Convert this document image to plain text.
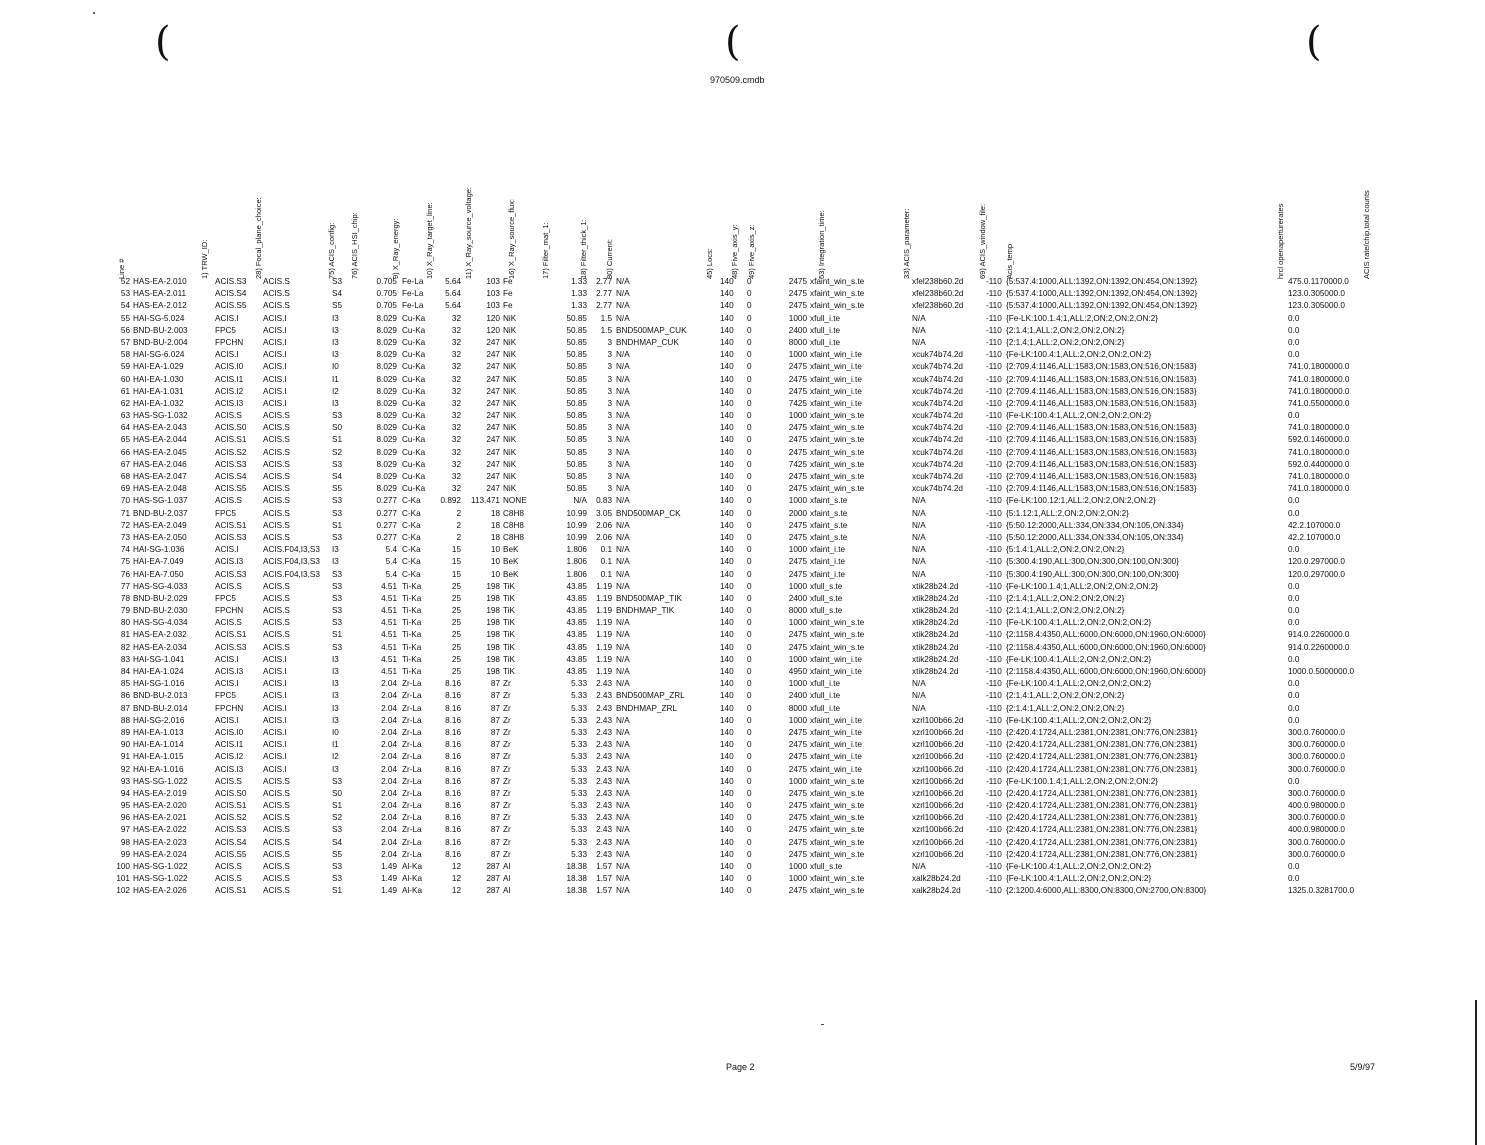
(	(	(
970509.cmdb
Line #	1) TRW_ID:	28) Focal_plane_choice:	75) ACIS_config: 76) ACIS_HSI_chip:	9) X_Ray_energy:	10) X_Ray_target_line:	11) X_Ray_source_voltage:	16) X_Ray_source_flux:	17) Filter_mat_1:	18) Filter_thick_1: 80) Current:	45) Locs: 48) Five_axis_y: 49) Five_axis_z:	53) Integration_time:	33) ACIS_parameter:	69) ACIS_window_file: Acis_temp	hrcl openaperturerates	ACIS rate/chip,total counts
52 HAS-EA-2.010	ACIS.S3 ACIS.S	S3	0.705 Fe-La	5.64	103 Fe	1.33	2.77 N/A	140 0	2475 xfaint_win_s.te	xfel238b60.2d	-110 {5:537.4:1000,ALL:1392,ON:1392,ON:454,ON:1392}	475.0.1170000.0
53 HAS-EA-2.011	ACIS.S4 ACIS.S	S4	0.705 Fe-La	5.64	103 Fe	1.33	2.77 N/A	140 0	2475 xfaint_win_s.te	xfel238b60.2d	-110 {5:537.4:1000,ALL:1392,ON:1392,ON:454,ON:1392}	123.0.305000.0
54 HAS-EA-2.012	ACIS.S5 ACIS.S	S5	0.705 Fe-La	5.64	103 Fe	1.33	2.77 N/A	140 0	2475 xfaint_win_s.te	xfel238b60.2d	-110 {5:537.4:1000,ALL:1392,ON:1392,ON:454,ON:1392}	123.0.305000.0
55 HAI-SG-5.024	ACIS.I	ACIS.I	I3	8.029 Cu-Ka	32	120 NiK	50.85	1.5 N/A	140 0	1000 xfull_i.te	N/A	-110 {Fe-LK:100.1.4;1,ALL:2,ON:2,ON:2,ON:2}	0.0
56 BND-BU-2.003	FPC5	ACIS.I	I3	8.029 Cu-Ka	32	120 NiK	50.85	1.5 BND500MAP_CUK	140 0	2400 xfull_i.te	N/A	-110 {2:1.4;1,ALL:2,ON:2,ON:2,ON:2}	0.0
57 BND-BU-2.004	FPCHN ACIS.I	I3	8.029 Cu-Ka	32	247 NiK	50.85	3 BNDHMAP_CUK	140 0	8000 xfull_i.te	N/A	-110 {2:1.4;1,ALL:2,ON:2,ON:2,ON:2}	0.0
58 HAI-SG-6.024	ACIS.I	ACIS.I	I3	8.029 Cu-Ka	32	247 NiK	50.85	3 N/A	140 0	1000 xfaint_win_i.te	xcuk74b74.2d	-110 {Fe-LK:100.4:1,ALL:2,ON:2,ON:2,ON:2}	0.0
59 HAI-EA-1.029	ACIS.I0 ACIS.I	I0	8.029 Cu-Ka	32	247 NiK	50.85	3 N/A	140 0	2475 xfaint_win_i.te	xcuk74b74.2d	-110 {2:709.4:1146,ALL:1583,ON:1583,ON:516,ON:1583}	741.0.1800000.0
60 HAI-EA-1.030	ACIS.I1 ACIS.I	I1	8.029 Cu-Ka	32	247 NiK	50.85	3 N/A	140 0	2475 xfaint_win_i.te	xcuk74b74.2d	-110 {2:709.4:1146,ALL:1583,ON:1583,ON:516,ON:1583}	741.0.1800000.0
61 HAI-EA-1.031	ACIS.I2 ACIS.I	I2	8.029 Cu-Ka	32	247 NiK	50.85	3 N/A	140 0	2475 xfaint_win_i.te	xcuk74b74.2d	-110 {2:709.4:1146,ALL:1583,ON:1583,ON:516,ON:1583}	741.0.1800000.0
62 HAI-EA-1.032	ACIS.I3 ACIS.I	I3	8.029 Cu-Ka	32	247 NiK	50.85	3 N/A	140 0	7425 xfaint_win_i.te	xcuk74b74.2d	-110 {2:709.4:1146,ALL:1583,ON:1583,ON:516,ON:1583}	741.0.5500000.0
63 HAS-SG-1.032	ACIS.S	ACIS.S	S3	8.029 Cu-Ka	32	247 NiK	50.85	3 N/A	140 0	1000 xfaint_win_s.te	xcuk74b74.2d	-110 {Fe-LK:100.4:1,ALL:2,ON:2,ON:2,ON:2}	0.0
64 HAS-EA-2.043	ACIS.S0 ACIS.S	S0	8.029 Cu-Ka	32	247 NiK	50.85	3 N/A	140 0	2475 xfaint_win_s.te	xcuk74b74.2d	-110 {2:709.4:1146,ALL:1583,ON:1583,ON:516,ON:1583}	741.0.1800000.0
65 HAS-EA-2.044	ACIS.S1 ACIS.S	S1	8.029 Cu-Ka	32	247 NiK	50.85	3 N/A	140 0	2475 xfaint_win_s.te	xcuk74b74.2d	-110 {2:709.4:1146,ALL:1583,ON:1583,ON:516,ON:1583}	592.0.1460000.0
66 HAS-EA-2.045	ACIS.S2 ACIS.S	S2	8.029 Cu-Ka	32	247 NiK	50.85	3 N/A	140 0	2475 xfaint_win_s.te	xcuk74b74.2d	-110 {2:709.4:1146,ALL:1583,ON:1583,ON:516,ON:1583}	741.0.1800000.0
67 HAS-EA-2.046	ACIS.S3 ACIS.S	S3	8.029 Cu-Ka	32	247 NiK	50.85	3 N/A	140 0	7425 xfaint_win_s.te	xcuk74b74.2d	-110 {2:709.4:1146,ALL:1583,ON:1583,ON:516,ON:1583}	592.0.4400000.0
68 HAS-EA-2.047	ACIS.S4 ACIS.S	S4	8.029 Cu-Ka	32	247 NiK	50.85	3 N/A	140 0	2475 xfaint_win_s.te	xcuk74b74.2d	-110 {2:709.4:1146,ALL:1583,ON:1583,ON:516,ON:1583}	741.0.1800000.0
69 HAS-EA-2.048	ACIS.S5 ACIS.S	S5	8.029 Cu-Ka	32	247 NiK	50.85	3 N/A	140 0	2475 xfaint_win_s.te	xcuk74b74.2d	-110 {2:709.4:1146,ALL:1583,ON:1583,ON:516,ON:1583}	741.0.1800000.0
70 HAS-SG-1.037	ACIS.S	ACIS.S	S3	0.277 C-Ka	0.892	113.471 NONE	N/A	0.83 N/A	140 0	1000 xfaint_s.te	N/A	-110 {Fe-LK:100.12:1,ALL:2,ON:2,ON:2,ON:2}	0.0
71 BND-BU-2.037	FPC5	ACIS.S	S3	0.277 C-Ka	2	18 C8H8	10.99	3.05 BND500MAP_CK	140 0	2000 xfaint_s.te	N/A	-110 {5:1.12:1,ALL:2,ON:2,ON:2,ON:2}	0.0
72 HAS-EA-2.049	ACIS.S1 ACIS.S	S1	0.277 C-Ka	2	18 C8H8	10.99	2.06 N/A	140 0	2475 xfaint_s.te	N/A	-110 {5:50.12:2000,ALL:334,ON:334,ON:105,ON:334}	42.2.107000.0
73 HAS-EA-2.050	ACIS.S3 ACIS.S	S3	0.277 C-Ka	2	18 C8H8	10.99	2.06 N/A	140 0	2475 xfaint_s.te	N/A	-110 {5:50.12:2000,ALL:334,ON:334,ON:105,ON:334}	42.2.107000.0
74 HAI-SG-1.036	ACIS.I	ACIS.F04,I3,S3 I3	5.4 C-Ka	15	10 BeK	1.806	0.1 N/A	140 0	1000 xfaint_i.te	N/A	-110 {5:1.4:1,ALL:2,ON:2,ON:2,ON:2}	0.0
75 HAI-EA-7.049	ACIS.I3 ACIS.F04,I3,S3 I3	5.4 C-Ka	15	10 BeK	1.806	0.1 N/A	140 0	2475 xfaint_i.te	N/A	-110 {5:300.4:190,ALL:300,ON:300,ON:100,ON:300}	120.0.297000.0
76 HAI-EA-7.050	ACIS.S3 ACIS.F04,I3,S3 S3	5.4 C-Ka	15	10 BeK	1.806	0.1 N/A	140 0	2475 xfaint_i.te	N/A	-110 {5:300.4:190,ALL:300,ON:300,ON:100,ON:300}	120.0.297000.0
77 HAS-SG-4.033	ACIS.S	ACIS.S	S3	4.51 Ti-Ka	25	198 TiK	43.85	1.19 N/A	140 0	1000 xfull_s.te	xtik28b24.2d	-110 {Fe-LK:100.1.4;1,ALL:2,ON:2,ON:2,ON:2}	0.0
78 BND-BU-2.029	FPC5	ACIS.S	S3	4.51 Ti-Ka	25	198 TiK	43.85	1.19 BND500MAP_TIK	140 0	2400 xfull_s.te	xtik28b24.2d	-110 {2:1.4;1,ALL:2,ON:2,ON:2,ON:2}	0.0
79 BND-BU-2.030	FPCHN ACIS.S	S3	4.51 Ti-Ka	25	198 TiK	43.85	1.19 BNDHMAP_TIK	140 0	8000 xfull_s.te	xtik28b24.2d	-110 {2:1.4;1,ALL:2,ON:2,ON:2,ON:2}	0.0
80 HAS-SG-4.034	ACIS.S	ACIS.S	S3	4.51 Ti-Ka	25	198 TiK	43.85	1.19 N/A	140 0	1000 xfaint_win_s.te	xtik28b24.2d	-110 {Fe-LK:100.4:1,ALL:2,ON:2,ON:2,ON:2}	0.0
81 HAS-EA-2.032	ACIS.S1 ACIS.S	S1	4.51 Ti-Ka	25	198 TiK	43.85	1.19 N/A	140 0	2475 xfaint_win_s.te	xtik28b24.2d	-110 {2:1158.4:4350,ALL:6000,ON:6000,ON:1960,ON:6000}	914.0.2260000.0
82 HAS-EA-2.034	ACIS.S3 ACIS.S	S3	4.51 Ti-Ka	25	198 TiK	43.85	1.19 N/A	140 0	2475 xfaint_win_s.te	xtik28b24.2d	-110 {2:1158.4:4350,ALL:6000,ON:6000,ON:1960,ON:6000}	914.0.2260000.0
83 HAI-SG-1.041	ACIS.I	ACIS.I	I3	4.51 Ti-Ka	25	198 TiK	43.85	1.19 N/A	140 0	1000 xfaint_win_i.te	xtik28b24.2d	-110 {Fe-LK:100.4:1,ALL:2,ON:2,ON:2,ON:2}	0.0
84 HAI-EA-1.024	ACIS.I3 ACIS.I	I3	4.51 Ti-Ka	25	198 TiK	43.85	1.19 N/A	140 0	4950 xfaint_win_i.te	xtik28b24.2d	-110 {2:1158.4:4350,ALL:6000,ON:6000,ON:1960,ON:6000}	1000.0.5000000.0
85 HAI-SG-1.016	ACIS.I	ACIS.I	I3	2.04 Zr-La	8.16	87 Zr	5.33	2.43 N/A	140 0	1000 xfull_i.te	N/A	-110 {Fe-LK:100.4:1,ALL:2,ON:2,ON:2,ON:2}	0.0
86 BND-BU-2.013	FPC5	ACIS.I	I3	2.04 Zr-La	8.16	87 Zr	5.33	2.43 BND500MAP_ZRL	140 0	2400 xfull_i.te	N/A	-110 {2:1.4:1,ALL:2,ON:2,ON:2,ON:2}	0.0
87 BND-BU-2.014	FPCHN ACIS.I	I3	2.04 Zr-La	8.16	87 Zr	5.33	2.43 BNDHMAP_ZRL	140 0	8000 xfull_i.te	N/A	-110 {2:1.4:1,ALL:2,ON:2,ON:2,ON:2}	0.0
88 HAI-SG-2.016	ACIS.I	ACIS.I	I3	2.04 Zr-La	8.16	87 Zr	5.33	2.43 N/A	140 0	1000 xfaint_win_i.te	xzrl100b66.2d	-110 {Fe-LK:100.4:1,ALL:2,ON:2,ON:2,ON:2}	0.0
89 HAI-EA-1.013	ACIS.I0 ACIS.I	I0	2.04 Zr-La	8.16	87 Zr	5.33	2.43 N/A	140 0	2475 xfaint_win_i.te	xzrl100b66.2d	-110 {2:420.4:1724,ALL:2381,ON:2381,ON:776,ON:2381}	300.0.760000.0
90 HAI-EA-1.014	ACIS.I1 ACIS.I	I1	2.04 Zr-La	8.16	87 Zr	5.33	2.43 N/A	140 0	2475 xfaint_win_i.te	xzrl100b66.2d	-110 {2:420.4:1724,ALL:2381,ON:2381,ON:776,ON:2381}	300.0.760000.0
91 HAI-EA-1.015	ACIS.I2 ACIS.I	I2	2.04 Zr-La	8.16	87 Zr	5.33	2.43 N/A	140 0	2475 xfaint_win_i.te	xzrl100b66.2d	-110 {2:420.4:1724,ALL:2381,ON:2381,ON:776,ON:2381}	300.0.760000.0
92 HAI-EA-1.016	ACIS.I3 ACIS.I	I3	2.04 Zr-La	8.16	87 Zr	5.33	2.43 N/A	140 0	2475 xfaint_win_i.te	xzrl100b66.2d	-110 {2:420.4:1724,ALL:2381,ON:2381,ON:776,ON:2381}	300.0.760000.0
93 HAS-SG-1.022	ACIS.S	ACIS.S	S3	2.04 Zr-La	8.16	87 Zr	5.33	2.43 N/A	140 0	1000 xfaint_win_s.te	xzrl100b66.2d	-110 {Fe-LK:100.1.4;1,ALL:2,ON:2,ON:2,ON:2}	0.0
94 HAS-EA-2.019	ACIS.S0 ACIS.S	S0	2.04 Zr-La	8.16	87 Zr	5.33	2.43 N/A	140 0	2475 xfaint_win_s.te	xzrl100b66.2d	-110 {2:420.4:1724,ALL:2381,ON:2381,ON:776,ON:2381}	300.0.760000.0
95 HAS-EA-2.020	ACIS.S1 ACIS.S	S1	2.04 Zr-La	8.16	87 Zr	5.33	2.43 N/A	140 0	2475 xfaint_win_s.te	xzrl100b66.2d	-110 {2:420.4:1724,ALL:2381,ON:2381,ON:776,ON:2381}	400.0.980000.0
96 HAS-EA-2.021	ACIS.S2 ACIS.S	S2	2.04 Zr-La	8.16	87 Zr	5.33	2.43 N/A	140 0	2475 xfaint_win_s.te	xzrl100b66.2d	-110 {2:420.4:1724,ALL:2381,ON:2381,ON:776,ON:2381}	300.0.760000.0
97 HAS-EA-2.022	ACIS.S3 ACIS.S	S3	2.04 Zr-La	8.16	87 Zr	5.33	2.43 N/A	140 0	2475 xfaint_win_s.te	xzrl100b66.2d	-110 {2:420.4:1724,ALL:2381,ON:2381,ON:776,ON:2381}	400.0.980000.0
98 HAS-EA-2.023	ACIS.S4 ACIS.S	S4	2.04 Zr-La	8.16	87 Zr	5.33	2.43 N/A	140 0	2475 xfaint_win_s.te	xzrl100b66.2d	-110 {2:420.4:1724,ALL:2381,ON:2381,ON:776,ON:2381}	300.0.760000.0
99 HAS-EA-2.024	ACIS.S5 ACIS.S	S5	2.04 Zr-La	8.16	87 Zr	5.33	2.43 N/A	140 0	2475 xfaint_win_s.te	xzrl100b66.2d	-110 {2:420.4:1724,ALL:2381,ON:2381,ON:776,ON:2381}	300.0.760000.0
100 HAS-SG-1.022	ACIS.S	ACIS.S	S3	1.49 Al-Ka	12	287 Al	18.38	1.57 N/A	140 0	1000 xfull_s.te	N/A	-110 {Fe-LK:100.4:1,ALL:2,ON:2,ON:2,ON:2}	0.0
101 HAS-SG-1.022	ACIS.S	ACIS.S	S3	1.49 Al-Ka	12	287 Al	18.38	1.57 N/A	140 0	1000 xfaint_win_s.te	xalk28b24.2d	-110 {Fe-LK:100.4:1,ALL:2,ON:2,ON:2,ON:2}	0.0
102 HAS-EA-2.026	ACIS.S1 ACIS.S	S1	1.49 Al-Ka	12	287 Al	18.38	1.57 N/A	140 0	2475 xfaint_win_s.te	xalk28b24.2d	-110 {2:1200.4:6000,ALL:8300,ON:8300,ON:2700,ON:8300}	1325.0.3281700.0
Page 2	5/9/97
